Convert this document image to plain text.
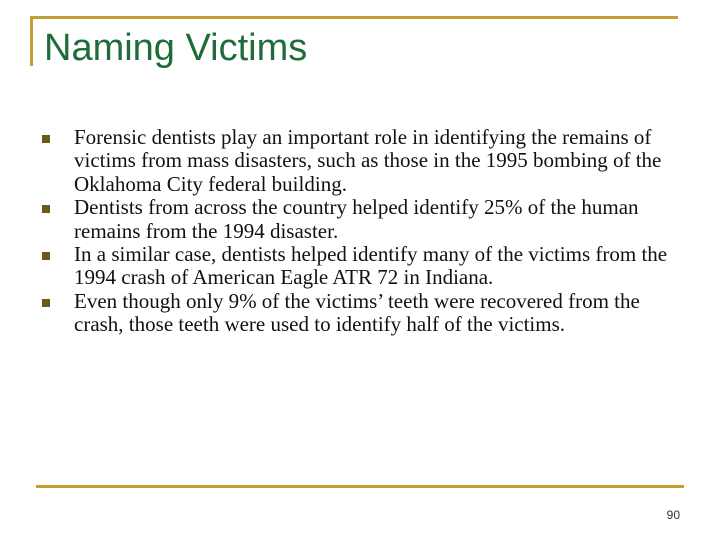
Naming Victims
Forensic dentists play an important role in identifying the remains of victims from mass disasters, such as those in the 1995 bombing of the Oklahoma City federal building.
Dentists from across the country helped identify 25% of the human remains from the 1994 disaster.
In a similar case, dentists helped identify many of the victims from the 1994 crash of American Eagle ATR 72 in Indiana.
Even though only 9% of the victims’ teeth were recovered from the crash, those teeth were used to identify half of the victims.
90
